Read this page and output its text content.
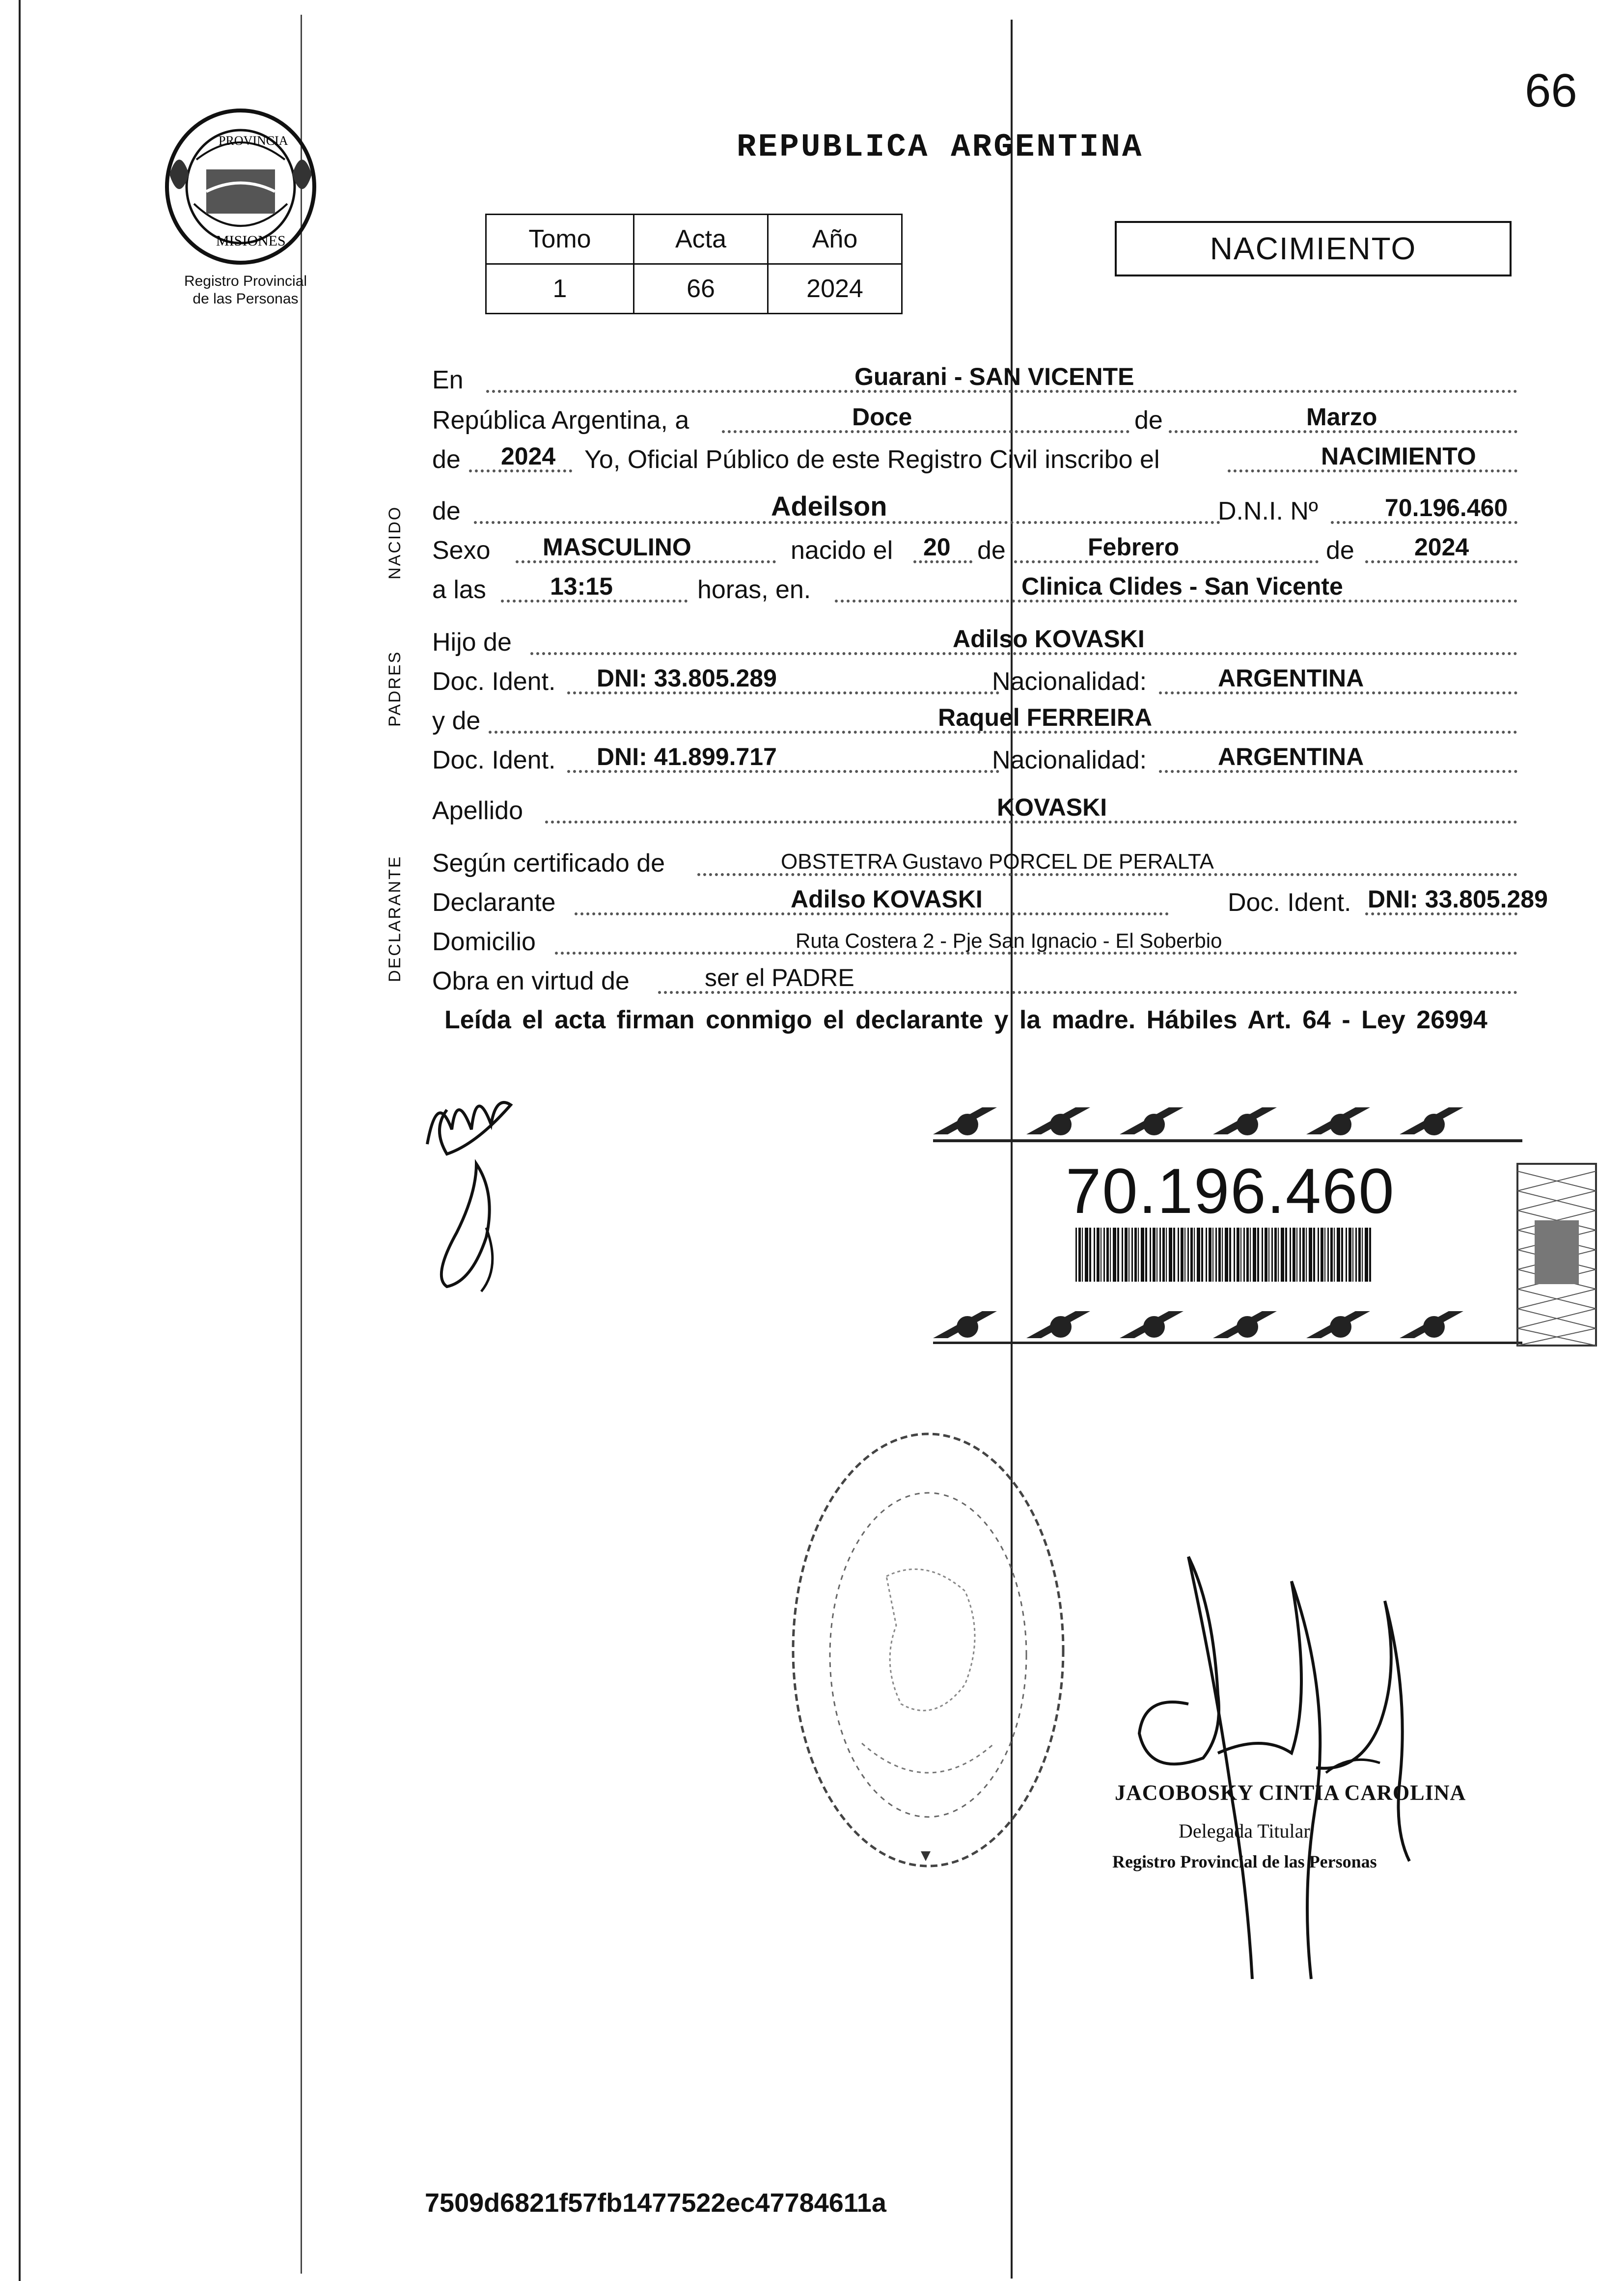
66
REPUBLICA ARGENTINA
PROVINCIA
MISIONES
Registro Provincial
de las Personas
Tomo	Acta	Año
1	66	2024
NACIMIENTO
NACIDO
PADRES
DECLARANTE
En	Guarani - SAN VICENTE
República Argentina, a	Doce	de	Marzo
de 2024 Yo, Oficial Público de este Registro Civil inscribo el	NACIMIENTO
de	Adeilson	D.N.I. Nº	70.196.460
Sexo MASCULINO	nacido el 20 de	Febrero	de 2024
a las	13:15	horas, en.	Clinica Clides - San Vicente
Hijo de	Adilso KOVASKI
Doc. Ident. DNI: 33.805.289	Nacionalidad:	ARGENTINA
y de	Raquel FERREIRA
Doc. Ident. DNI: 41.899.717	Nacionalidad:	ARGENTINA
Apellido	KOVASKI
Según certificado de	OBSTETRA Gustavo PORCEL DE PERALTA
Declarante	Adilso KOVASKI	Doc. Ident. DNI: 33.805.289
Domicilio	Ruta Costera 2 - Pje San Ignacio - El Soberbio
Obra en virtud de	ser el PADRE
Leída el acta firman conmigo el declarante y la madre. Hábiles Art. 64 - Ley 26994
70.196.460
JACOBOSKY CINTIA CAROLINA
Delegada Titular
Registro Provincial de las Personas
7509d6821f57fb1477522ec47784611a
